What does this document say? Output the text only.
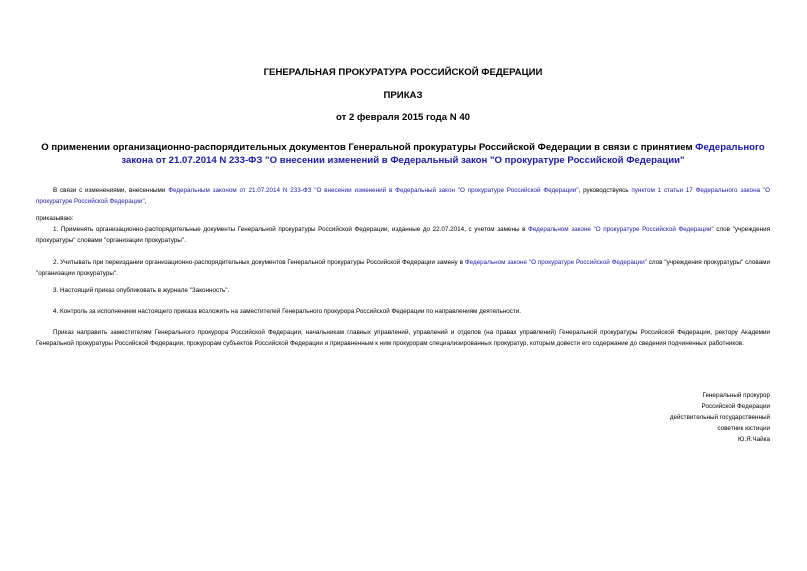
ГЕНЕРАЛЬНАЯ ПРОКУРАТУРА РОССИЙСКОЙ ФЕДЕРАЦИИ
ПРИКАЗ
от 2 февраля 2015 года N 40
О применении организационно-распорядительных документов Генеральной прокуратуры Российской Федерации в связи с принятием Федерального закона от 21.07.2014 N 233-ФЗ "О внесении изменений в Федеральный закон "О прокуратуре Российской Федерации"
В связи с изменениями, внесенными Федеральным законом от 21.07.2014 N 233-ФЗ "О внесении изменений в Федеральный закон "О прокуратуре Российской Федерации", руководствуясь пунктом 1 статьи 17 Федерального закона "О прокуратуре Российской Федерации",
приказываю:
1. Применять организационно-распорядительные документы Генеральной прокуратуры Российской Федерации, изданные до 22.07.2014, с учетом замены в Федеральном законе "О прокуратуре Российской Федерации" слов "учреждения прокуратуры" словами "организации прокуратуры".
2. Учитывать при переиздании организационно-распорядительных документов Генеральной прокуратуры Российской Федерации замену в Федеральном законе "О прокуратуре Российской Федерации" слов "учреждения прокуратуры" словами "организации прокуратуры".
3. Настоящий приказ опубликовать в журнале "Законность".
4. Контроль за исполнением настоящего приказа возложить на заместителей Генерального прокурора Российской Федерации по направлениям деятельности.
Приказ направить заместителям Генерального прокурора Российской Федерации, начальникам главных управлений, управлений и отделов (на правах управлений) Генеральной прокуратуры Российской Федерации, ректору Академии Генеральной прокуратуры Российской Федерации, прокурорам субъектов Российской Федерации и приравненным к ним прокурорам специализированных прокуратур, которым довести его содержание до сведения подчиненных работников.
Генеральный прокурор
Российской Федерации
действительный государственный
советник юстиции
Ю.Я.Чайка
